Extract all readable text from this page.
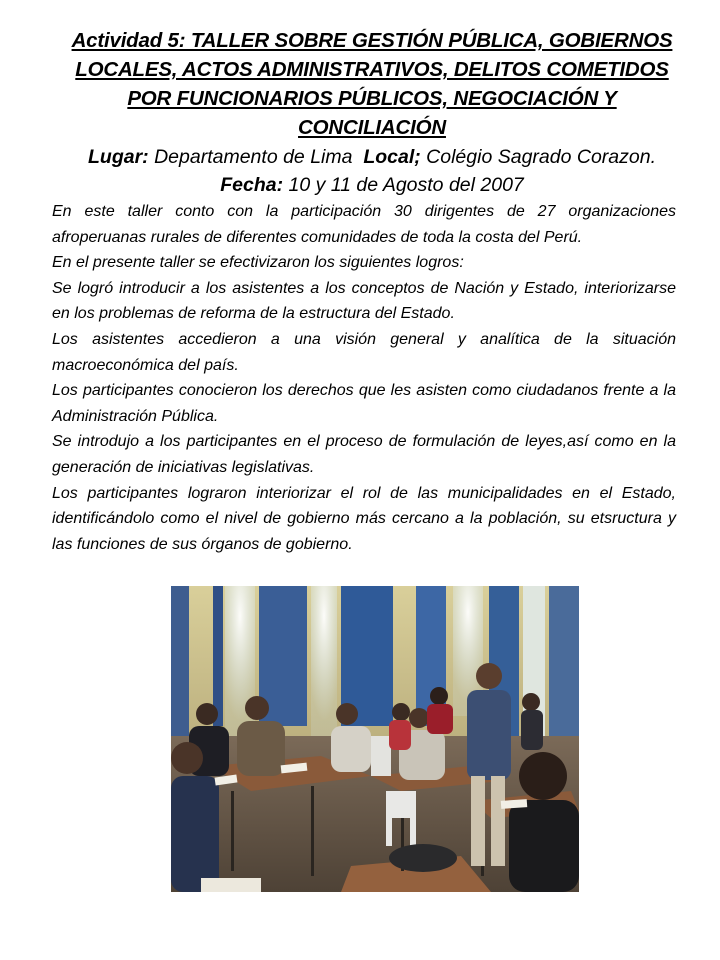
Actividad 5: TALLER SOBRE GESTIÓN PÚBLICA, GOBIERNOS LOCALES, ACTOS ADMINISTRATIVOS, DELITOS COMETIDOS POR FUNCIONARIOS PÚBLICOS, NEGOCIACIÓN Y CONCILIACIÓN
Lugar: Departamento de Lima Local; Colégio Sagrado Corazon.
Fecha: 10 y 11 de Agosto del 2007

En este taller conto con la participación 30 dirigentes de 27 organizaciones afroperuanas rurales de diferentes comunidades de toda la costa del Perú.

En el presente taller se efectivizaron los siguientes logros:

Se logró introducir a los asistentes a los conceptos de Nación y Estado, interiorizarse en los problemas de reforma de la estructura del Estado.

Los asistentes accedieron a una visión general y analítica de la situación macroeconómica del país.

Los participantes conocieron los derechos que les asisten como ciudadanos frente a la Administración Pública.

Se introdujo a los participantes en el proceso de formulación de leyes,así como en la generación de iniciativas legislativas.

Los participantes lograron interiorizar el rol de las municipalidades en el Estado, identificándolo como el nivel de gobierno más cercano a la población, su etsructura y las funciones de sus órganos de gobierno.
